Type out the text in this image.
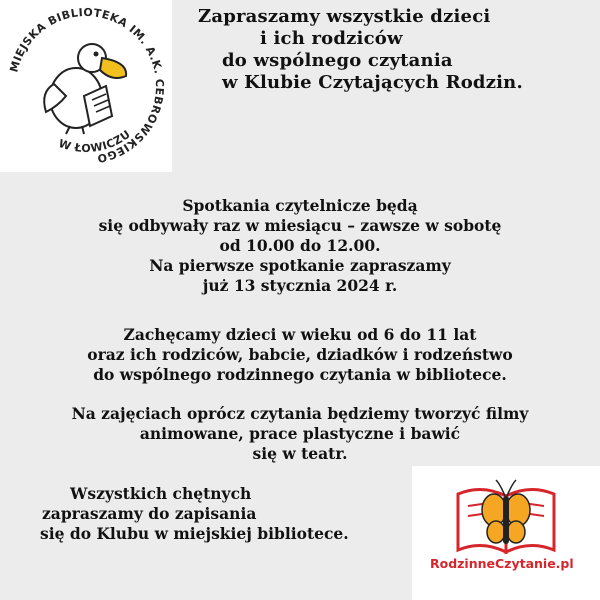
MIEJSKA BIBLIOTEKA IM. A.K. CEBROWSKIEGO
W ŁOWICZU
Zapraszamy wszystkie dzieci
i ich rodziców
do wspólnego czytania
w Klubie Czytających Rodzin.
Spotkania czytelnicze będą
się odbywały raz w miesiącu – zawsze w sobotę
od 10.00 do 12.00.
Na pierwsze spotkanie zapraszamy
już 13 stycznia 2024 r.
Zachęcamy dzieci w wieku od 6 do 11 lat
oraz ich rodziców, babcie, dziadków i rodzeństwo
do wspólnego rodzinnego czytania w bibliotece.
Na zajęciach oprócz czytania będziemy tworzyć filmy
animowane, prace plastyczne i bawić
się w teatr.
Wszystkich chętnych
zapraszamy do zapisania
się do Klubu w miejskiej bibliotece.
RodzinneCzytanie.pl
